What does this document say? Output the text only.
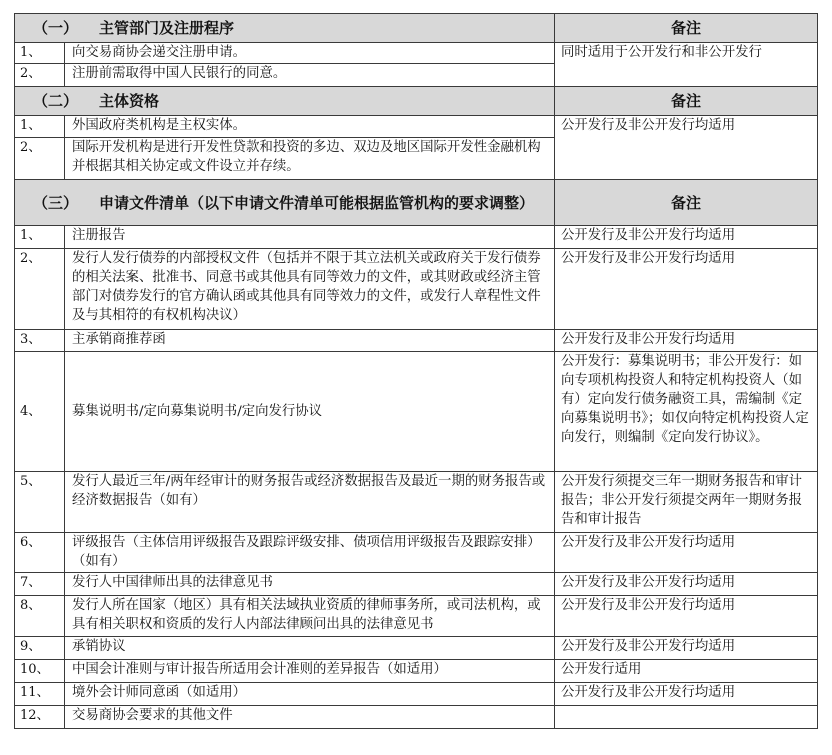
（一） 主管部门及注册程序		备注
1、	向交易商协会递交注册申请。	同时适用于公开发行和非公开发行
2、	注册前需取得中国人民银行的同意。	
（二） 主体资格		备注
1、	外国政府类机构是主权实体。	公开发行及非公开发行均适用
2、	国际开发机构是进行开发性贷款和投资的多边、双边及地区国际开发性金融机构并根据其相关协定或文件设立并存续。	
（三） 申请文件清单（以下申请文件清单可能根据监管机构的要求调整）		备注
1、	注册报告	公开发行及非公开发行均适用
2、	发行人发行债券的内部授权文件（包括并不限于其立法机关或政府关于发行债券的相关法案、批准书、同意书或其他具有同等效力的文件，或其财政或经济主管部门对债券发行的官方确认函或其他具有同等效力的文件，或发行人章程性文件及与其相符的有权机构决议）	公开发行及非公开发行均适用
3、	主承销商推荐函	公开发行及非公开发行均适用
4、	募集说明书/定向募集说明书/定向发行协议	公开发行：募集说明书；非公开发行：如向专项机构投资人和特定机构投资人（如有）定向发行债务融资工具，需编制《定向募集说明书》；如仅向特定机构投资人定向发行，则编制《定向发行协议》。
5、	发行人最近三年/两年经审计的财务报告或经济数据报告及最近一期的财务报告或经济数据报告（如有）	公开发行须提交三年一期财务报告和审计报告；非公开发行须提交两年一期财务报告和审计报告
6、	评级报告（主体信用评级报告及跟踪评级安排、债项信用评级报告及跟踪安排）（如有）	公开发行及非公开发行均适用
7、	发行人中国律师出具的法律意见书	公开发行及非公开发行均适用
8、	发行人所在国家（地区）具有相关法域执业资质的律师事务所，或司法机构，或具有相关职权和资质的发行人内部法律顾问出具的法律意见书	公开发行及非公开发行均适用
9、	承销协议	公开发行及非公开发行均适用
10、	中国会计准则与审计报告所适用会计准则的差异报告（如适用）	公开发行适用
11、	境外会计师同意函（如适用）	公开发行及非公开发行均适用
12、	交易商协会要求的其他文件	
